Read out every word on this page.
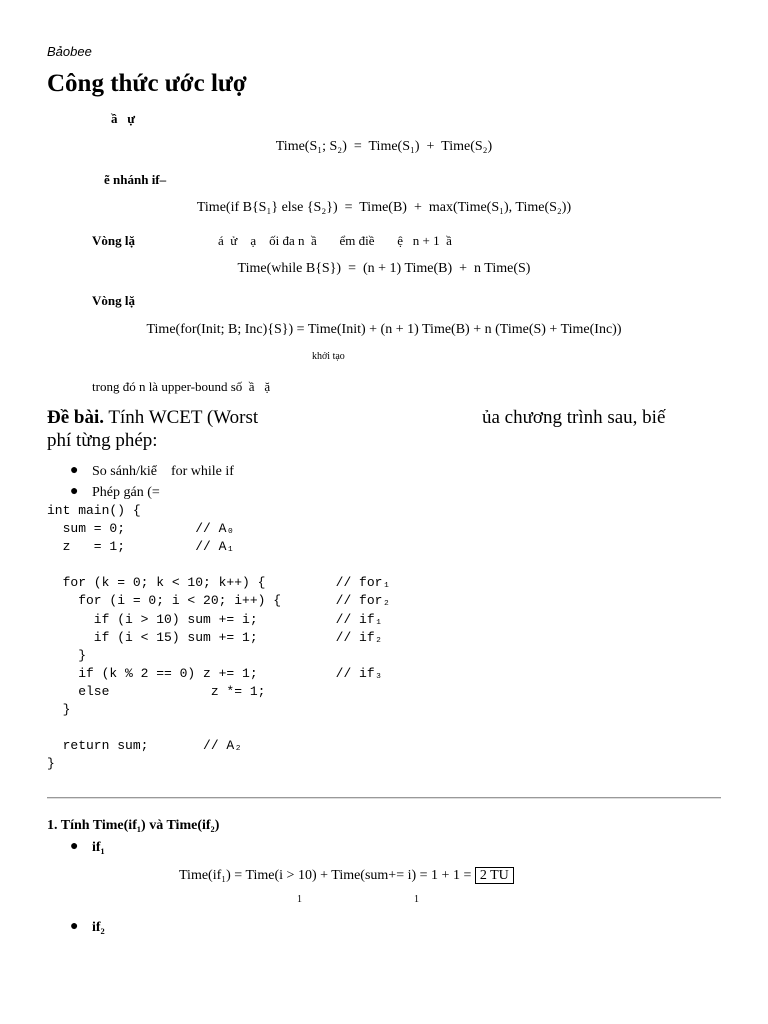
Bảobee
Công thức ước lượ
ầ   ự
Time(S₁; S₂)  =  Time(S₁)  +  Time(S₂)
ẽ nhánh if–
Time(if B{S₁} else {S₂})  =  Time(B)  +  max(Time(S₁), Time(S₂))
Vòng lặ	á  ử    ạ    ối đa n  ầ       ểm điề       ệ   n + 1  ầ
Time(while B{S})  =  (n + 1) Time(B)  +  n Time(S)
Vòng lặ
Time(for(Init; B; Inc){S}) = Time(Init) + (n + 1) Time(B) + n (Time(S) + Time(Inc))
khởi tạo
trong đó n là upper-bound số  ầ   ặ
Đề bài. Tính WCET (Worst	ủa chương trình sau, biế
phí từng phép:
● So sánh/kiể    for while if
● Phép gán (=
int main() {
sum = 0;         // A₀
z   = 1;         // A₁

for (k = 0; k < 10; k++) {         // for₁
for (i = 0; i < 20; i++) {       // for₂
if (i > 10) sum += i;          // if₁
if (i < 15) sum += 1;          // if₂
}
if (k % 2 == 0) z += 1;          // if₃
else             z *= 1;
}

return sum;       // A₂
}
1. Tính Time(if₁) và Time(if₂)
● if₁
Time(if₁) = Time(i > 10) + Time(sum+= i) = 1 + 1 = 2 TU
1	1
● if₂
